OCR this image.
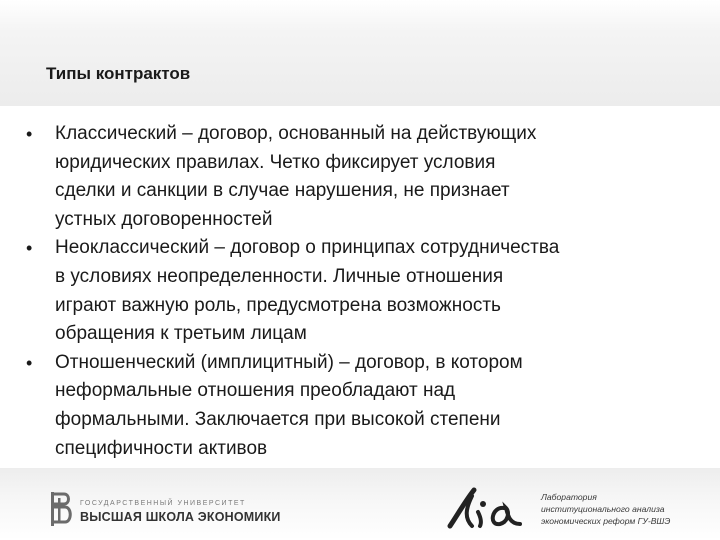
Типы контрактов
• Классический – договор, основанный на действующих
юридических правилах. Четко фиксирует условия
сделки и санкции в случае нарушения, не признает
устных договоренностей
• Неоклассический – договор о принципах сотрудничества
в условиях неопределенности. Личные отношения
играют важную роль, предусмотрена возможность
обращения к третьим лицам
• Отношенческий (имплицитный) – договор, в котором
неформальные отношения преобладают над
формальными. Заключается при высокой степени
специфичности активов
ГОСУДАРСТВЕННЫЙ УНИВЕРСИТЕТ
ВЫСШАЯ ШКОЛА ЭКОНОМИКИ
Лаборатория
институционального анализа
экономических реформ ГУ-ВШЭ
